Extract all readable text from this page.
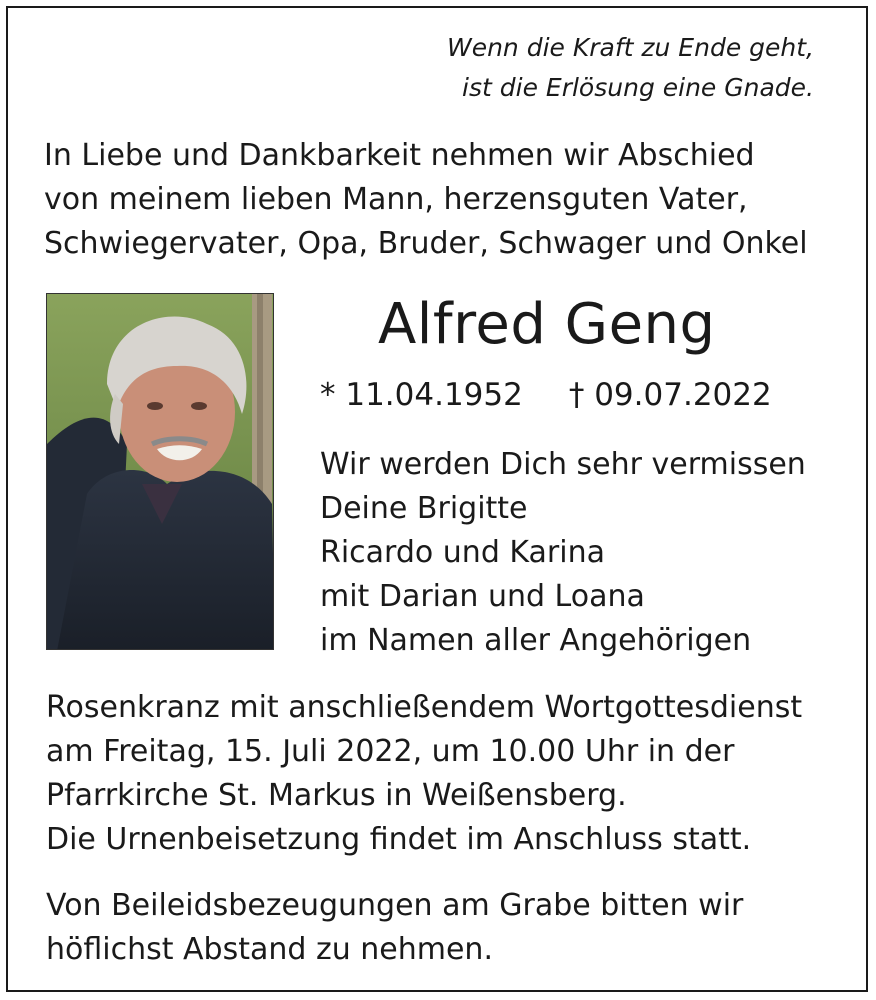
Wenn die Kraft zu Ende geht,
ist die Erlösung eine Gnade.
In Liebe und Dankbarkeit nehmen wir Abschied
von meinem lieben Mann, herzensguten Vater,
Schwiegervater, Opa, Bruder, Schwager und Onkel
Alfred Geng
* 11.04.1952 † 09.07.2022
Wir werden Dich sehr vermissen
Deine Brigitte
Ricardo und Karina
mit Darian und Loana
im Namen aller Angehörigen
Rosenkranz mit anschließendem Wortgottesdienst
am Freitag, 15. Juli 2022, um 10.00 Uhr in der
Pfarrkirche St. Markus in Weißensberg.
Die Urnenbeisetzung findet im Anschluss statt.
Von Beileidsbezeugungen am Grabe bitten wir
höflichst Abstand zu nehmen.
